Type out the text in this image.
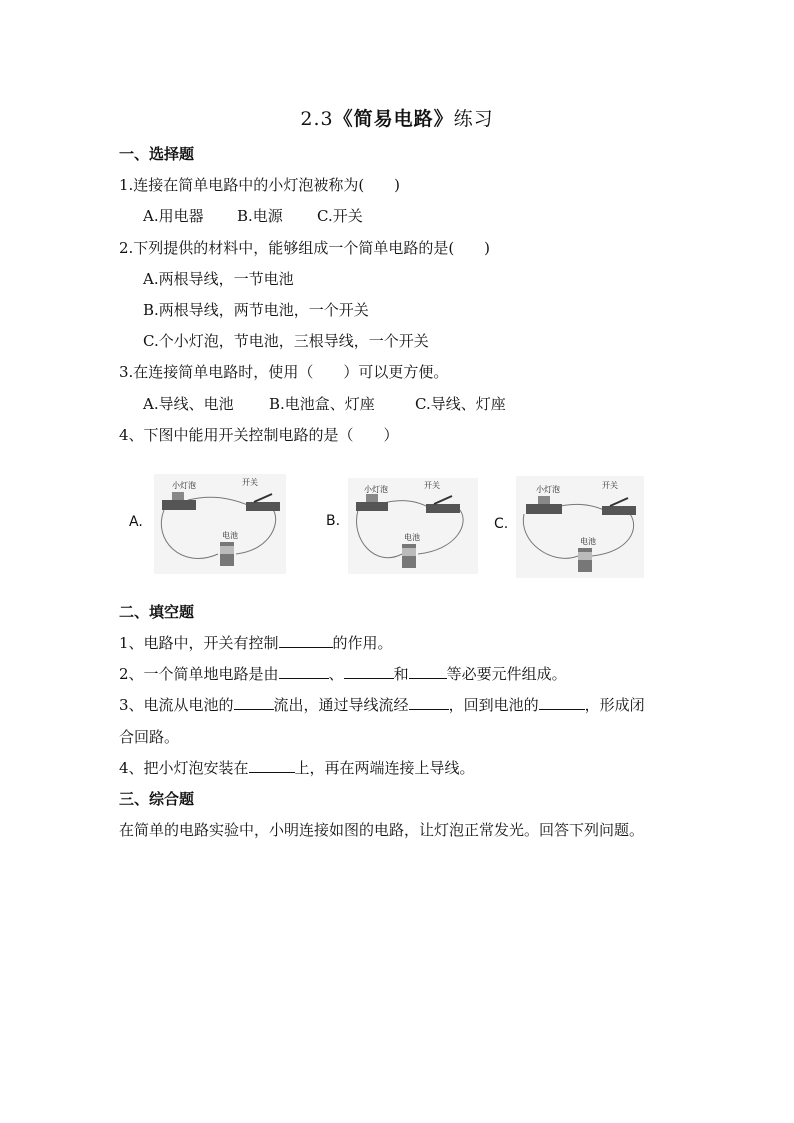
2.3《简易电路》练习
一、选择题
1.连接在简单电路中的小灯泡被称为(　　)
A.用电器 B.电源 C.开关
2.下列提供的材料中，能够组成一个简单电路的是(　　)
A.两根导线，一节电池
B.两根导线，两节电池，一个开关
C.个小灯泡，节电池，三根导线，一个开关
3.在连接简单电路时，使用（　　）可以更方便。
A.导线、电池 B.电池盒、灯座	C.导线、灯座
4、下图中能用开关控制电路的是（　　）
A.
小灯泡	开关
电池
B.
小灯泡	开关
电池
C.
小灯泡	开关
电池
二、填空题
1、电路中，开关有控制	的作用。
2、一个简单地电路是由	、	和	等必要元件组成。
3、电流从电池的	流出，通过导线流经	，回到电池的	，形成闭
合回路。
4、把小灯泡安装在	上，再在两端连接上导线。
三、综合题
在简单的电路实验中，小明连接如图的电路，让灯泡正常发光。回答下列问题。
